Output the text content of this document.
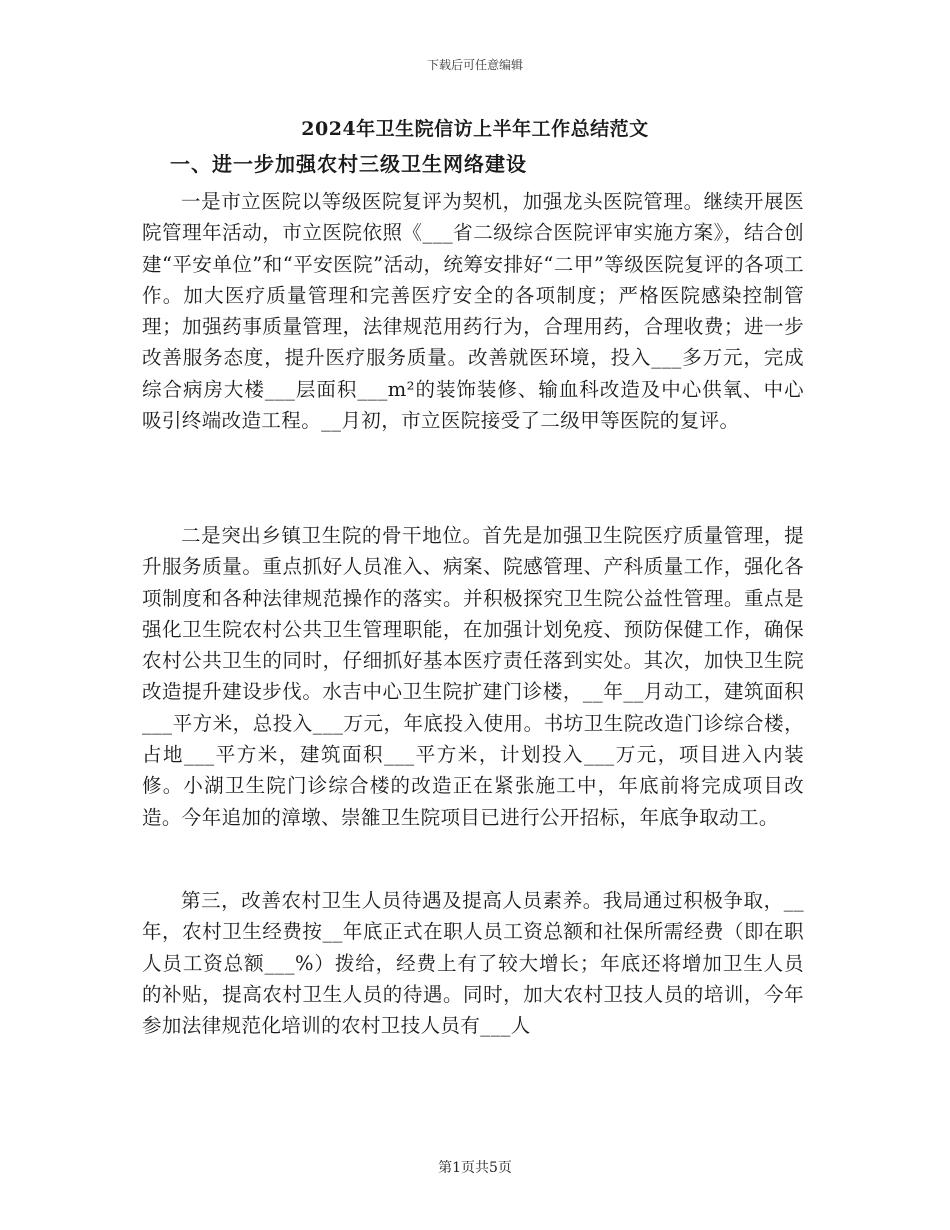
下载后可任意编辑
2024年卫生院信访上半年工作总结范文
一、进一步加强农村三级卫生网络建设

一是市立医院以等级医院复评为契机，加强龙头医院管理。继续开展医院管理年活动，市立医院依照《___省二级综合医院评审实施方案》，结合创建“平安单位”和“平安医院”活动，统筹安排好“二甲”等级医院复评的各项工作。加大医疗质量管理和完善医疗安全的各项制度；严格医院感染控制管理；加强药事质量管理，法律规范用药行为，合理用药，合理收费；进一步改善服务态度，提升医疗服务质量。改善就医环境，投入___多万元，完成综合病房大楼___层面积___m²的装饰装修、输血科改造及中心供氧、中心吸引终端改造工程。__月初，市立医院接受了二级甲等医院的复评。

二是突出乡镇卫生院的骨干地位。首先是加强卫生院医疗质量管理，提升服务质量。重点抓好人员准入、病案、院感管理、产科质量工作，强化各项制度和各种法律规范操作的落实。并积极探究卫生院公益性管理。重点是强化卫生院农村公共卫生管理职能，在加强计划免疫、预防保健工作，确保农村公共卫生的同时，仔细抓好基本医疗责任落到实处。其次，加快卫生院改造提升建设步伐。水吉中心卫生院扩建门诊楼，__年__月动工，建筑面积___平方米，总投入___万元，年底投入使用。书坊卫生院改造门诊综合楼，占地___平方米，建筑面积___平方米，计划投入___万元，项目进入内装修。小湖卫生院门诊综合楼的改造正在紧张施工中，年底前将完成项目改造。今年追加的漳墩、崇雒卫生院项目已进行公开招标，年底争取动工。

第三，改善农村卫生人员待遇及提高人员素养。我局通过积极争取，__年，农村卫生经费按__年底正式在职人员工资总额和社保所需经费（即在职人员工资总额___%）拨给，经费上有了较大增长；年底还将增加卫生人员的补贴，提高农村卫生人员的待遇。同时，加大农村卫技人员的培训，今年参加法律规范化培训的农村卫技人员有___人

第1页共5页
